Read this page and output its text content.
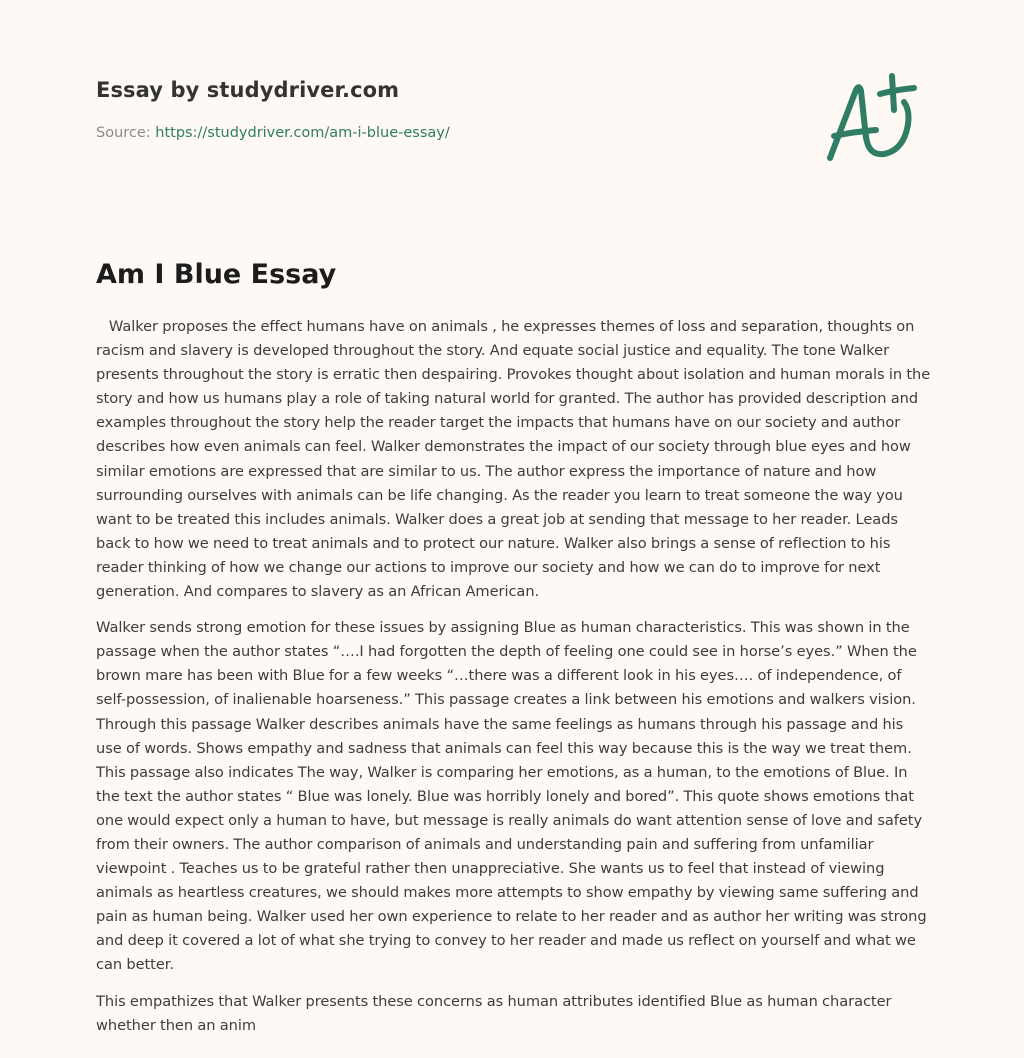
Essay by studydriver.com
Source: https://studydriver.com/am-i-blue-essay/
Am I Blue Essay

Walker proposes the effect humans have on animals , he expresses themes of loss and separation, thoughts on racism and slavery is developed throughout the story. And equate social justice and equality. The tone Walker presents throughout the story is erratic then despairing. Provokes thought about isolation and human morals in the story and how us humans play a role of taking natural world for granted. The author has provided description and examples throughout the story help the reader target the impacts that humans have on our society and author describes how even animals can feel. Walker demonstrates the impact of our society through blue eyes and how similar emotions are expressed that are similar to us. The author express the importance of nature and how surrounding ourselves with animals can be life changing. As the reader you learn to treat someone the way you want to be treated this includes animals. Walker does a great job at sending that message to her reader. Leads back to how we need to treat animals and to protect our nature. Walker also brings a sense of reflection to his reader thinking of how we change our actions to improve our society and how we can do to improve for next generation. And compares to slavery as an African American.

Walker sends strong emotion for these issues by assigning Blue as human characteristics. This was shown in the passage when the author states “….I had forgotten the depth of feeling one could see in horse’s eyes.” When the brown mare has been with Blue for a few weeks “…there was a different look in his eyes…. of independence, of self-possession, of inalienable hoarseness.” This passage creates a link between his emotions and walkers vision. Through this passage Walker describes animals have the same feelings as humans through his passage and his use of words. Shows empathy and sadness that animals can feel this way because this is the way we treat them. This passage also indicates The way, Walker is comparing her emotions, as a human, to the emotions of Blue. In the text the author states “ Blue was lonely. Blue was horribly lonely and bored”. This quote shows emotions that one would expect only a human to have, but message is really animals do want attention sense of love and safety from their owners. The author comparison of animals and understanding pain and suffering from unfamiliar viewpoint . Teaches us to be grateful rather then unappreciative. She wants us to feel that instead of viewing animals as heartless creatures, we should makes more attempts to show empathy by viewing same suffering and pain as human being. Walker used her own experience to relate to her reader and as author her writing was strong and deep it covered a lot of what she trying to convey to her reader and made us reflect on yourself and what we can better.

This empathizes that Walker presents these concerns as human attributes identified Blue as human character whether then an anim
